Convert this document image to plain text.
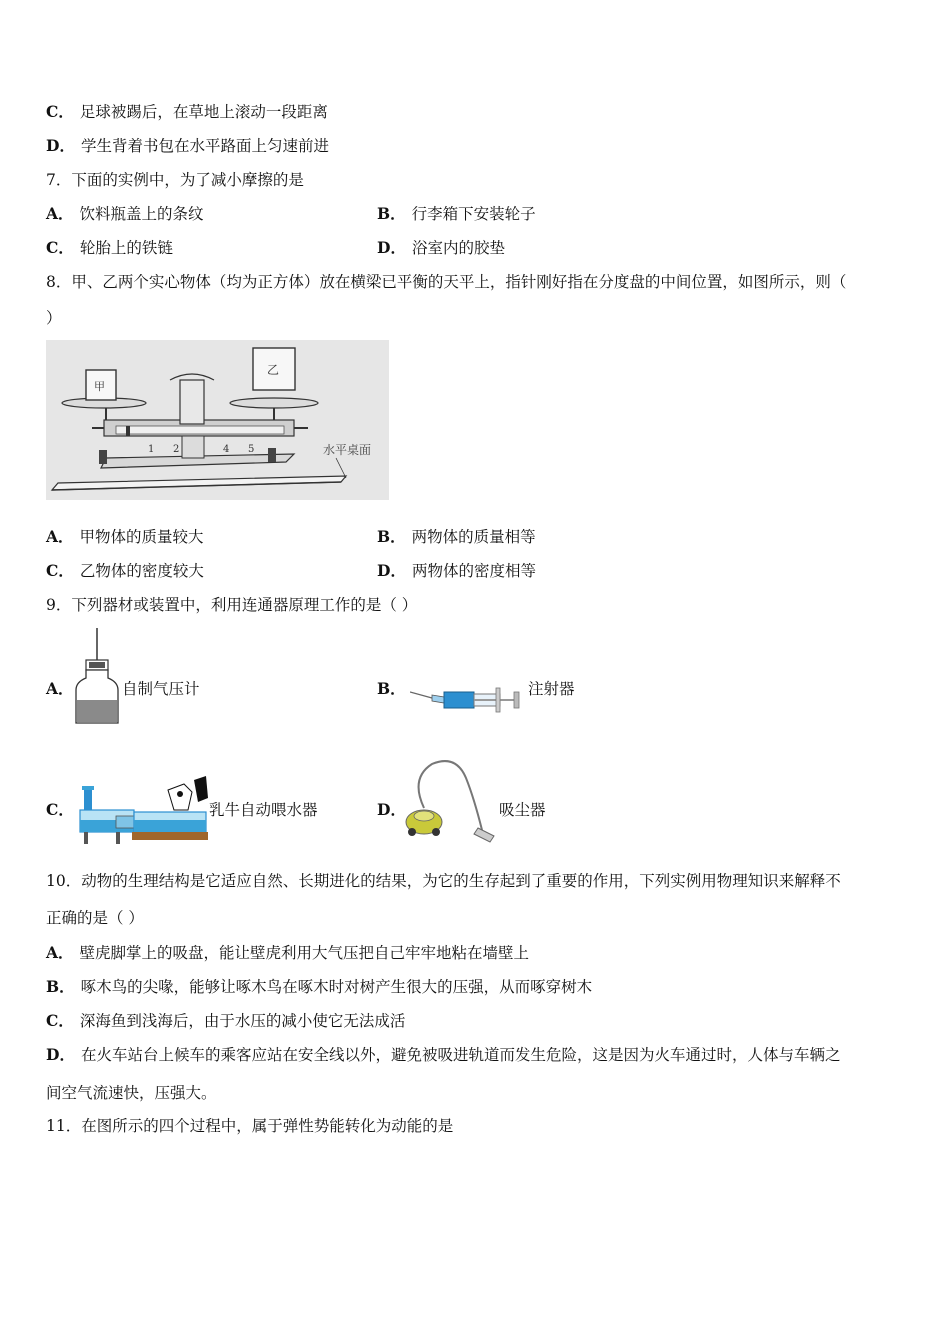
C． 足球被踢后，在草地上滚动一段距离
D． 学生背着书包在水平路面上匀速前进
7．下面的实例中，为了减小摩擦的是
A． 饮料瓶盖上的条纹	B． 行李箱下安装轮子
C． 轮胎上的铁链	D． 浴室内的胶垫
8．甲、乙两个实心物体（均为正方体）放在横梁已平衡的天平上，指针刚好指在分度盘的中间位置，如图所示，则（
）
1 2	4 5
甲
乙
水平桌面
A． 甲物体的质量较大	B． 两物体的质量相等
C． 乙物体的密度较大	D． 两物体的密度相等
9．下列器材或装置中，利用连通器原理工作的是（ ）
A．	自制气压计	B．	注射器
C．	乳牛自动喂水器	D．	吸尘器
10．动物的生理结构是它适应自然、长期进化的结果，为它的生存起到了重要的作用，下列实例用物理知识来解释不
正确的是（ ）
A． 壁虎脚掌上的吸盘，能让壁虎利用大气压把自己牢牢地粘在墙壁上
B． 啄木鸟的尖喙，能够让啄木鸟在啄木时对树产生很大的压强，从而啄穿树木
C． 深海鱼到浅海后，由于水压的减小使它无法成活
D． 在火车站台上候车的乘客应站在安全线以外，避免被吸进轨道而发生危险，这是因为火车通过时，人体与车辆之
间空气流速快，压强大。
11．在图所示的四个过程中，属于弹性势能转化为动能的是
